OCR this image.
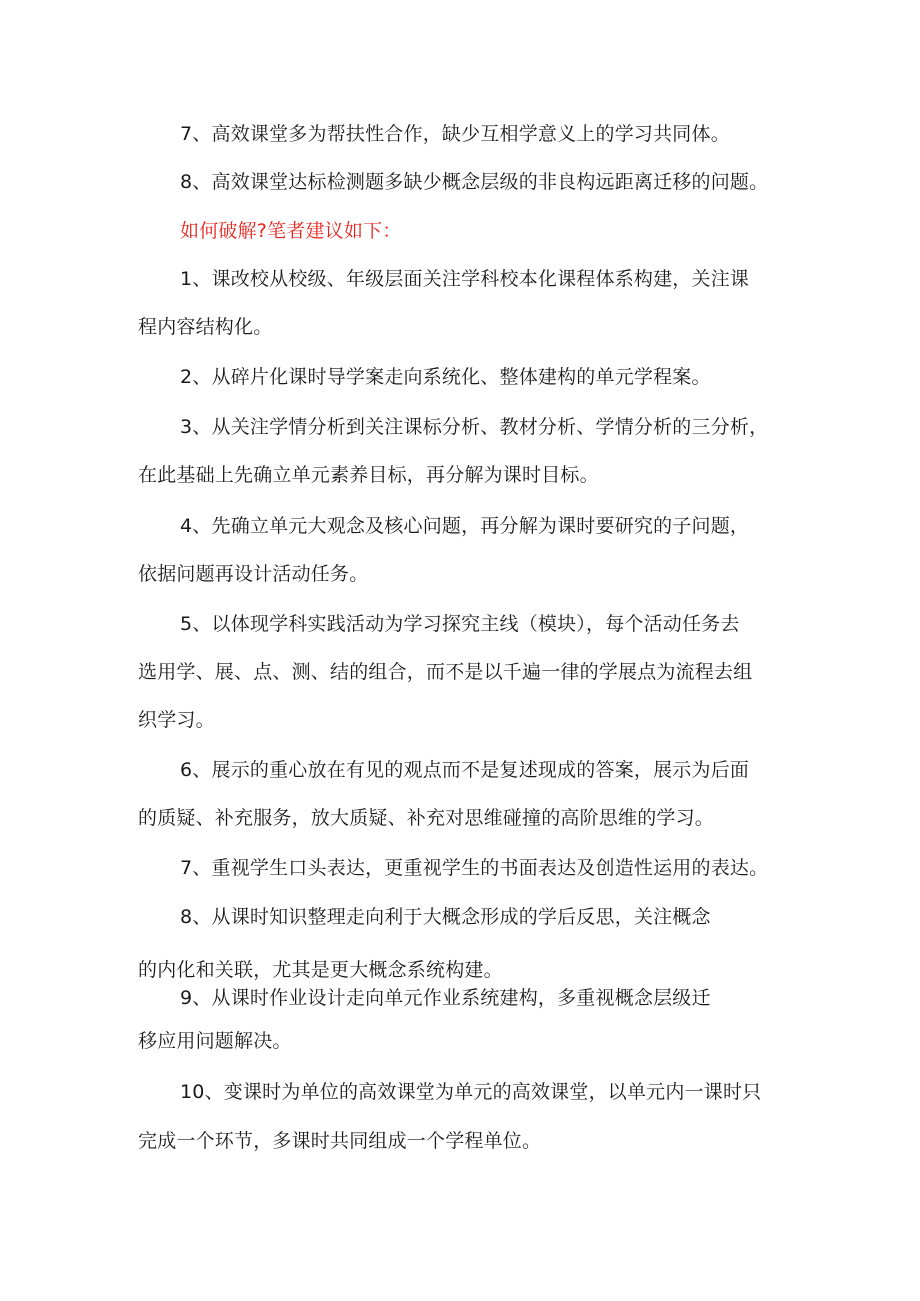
7、高效课堂多为帮扶性合作，缺少互相学意义上的学习共同体。
8、高效课堂达标检测题多缺少概念层级的非良构远距离迁移的问题。
如何破解?笔者建议如下：
1、课改校从校级、年级层面关注学科校本化课程体系构建，关注课
程内容结构化。
2、从碎片化课时导学案走向系统化、整体建构的单元学程案。
3、从关注学情分析到关注课标分析、教材分析、学情分析的三分析，
在此基础上先确立单元素养目标，再分解为课时目标。
4、先确立单元大观念及核心问题，再分解为课时要研究的子问题，
依据问题再设计活动任务。
5、以体现学科实践活动为学习探究主线（模块），每个活动任务去
选用学、展、点、测、结的组合，而不是以千遍一律的学展点为流程去组
织学习。
6、展示的重心放在有见的观点而不是复述现成的答案，展示为后面
的质疑、补充服务，放大质疑、补充对思维碰撞的高阶思维的学习。
7、重视学生口头表达，更重视学生的书面表达及创造性运用的表达。
8、从课时知识整理走向利于大概念形成的学后反思，关注概念
的内化和关联，尤其是更大概念系统构建。
9、从课时作业设计走向单元作业系统建构，多重视概念层级迁
移应用问题解决。
10、变课时为单位的高效课堂为单元的高效课堂，以单元内一课时只
完成一个环节，多课时共同组成一个学程单位。
